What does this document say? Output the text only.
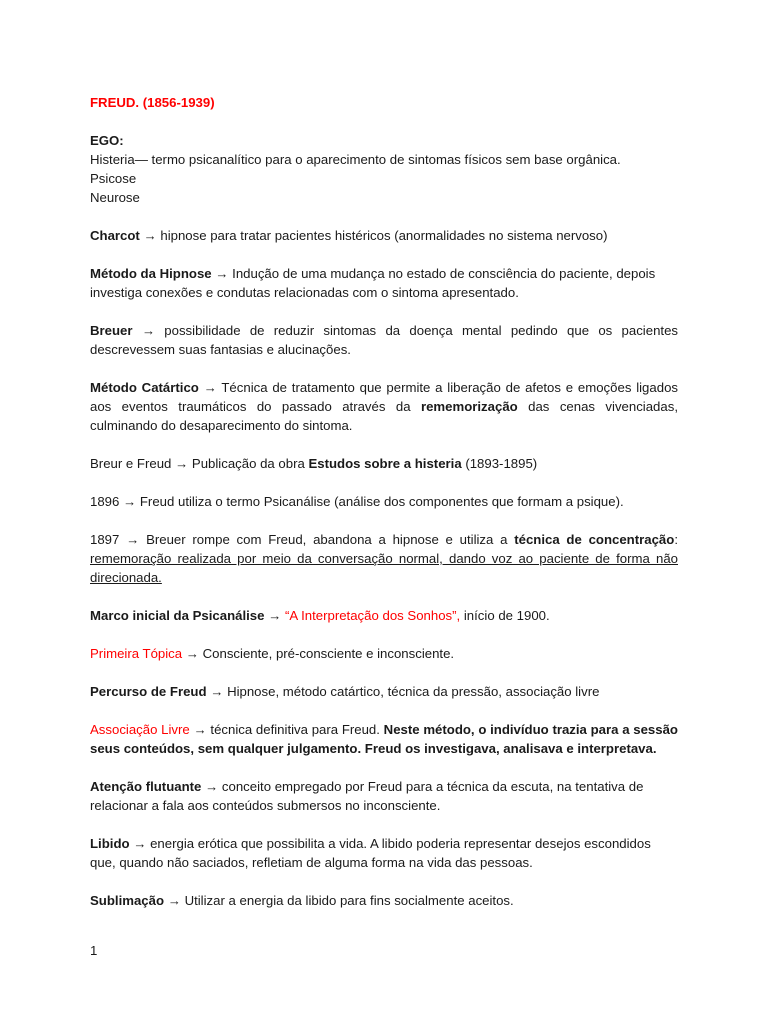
FREUD. (1856-1939)

EGO:

Histeria— termo psicanalítico para o aparecimento de sintomas físicos sem base orgânica.

Psicose

Neurose

Charcot → hipnose para tratar pacientes histéricos (anormalidades no sistema nervoso)

Método da Hipnose → Indução de uma mudança no estado de consciência do paciente, depois investiga conexões e condutas relacionadas com o sintoma apresentado.

Breuer → possibilidade de reduzir sintomas da doença mental pedindo que os pacientes descrevessem suas fantasias e alucinações.

Método Catártico → Técnica de tratamento que permite a liberação de afetos e emoções ligados aos eventos traumáticos do passado através da rememorização das cenas vivenciadas, culminando do desaparecimento do sintoma.

Breur e Freud → Publicação da obra Estudos sobre a histeria (1893-1895)

1896 → Freud utiliza o termo Psicanálise (análise dos componentes que formam a psique).

1897 → Breuer rompe com Freud, abandona a hipnose e utiliza a técnica de concentração: rememoração realizada por meio da conversação normal, dando voz ao paciente de forma não direcionada.

Marco inicial da Psicanálise → “A Interpretação dos Sonhos”, início de 1900.

Primeira Tópica → Consciente, pré-consciente e inconsciente.

Percurso de Freud → Hipnose, método catártico, técnica da pressão, associação livre

Associação Livre → técnica definitiva para Freud. Neste método, o indivíduo trazia para a sessão seus conteúdos, sem qualquer julgamento. Freud os investigava, analisava e interpretava.

Atenção flutuante → conceito empregado por Freud para a técnica da escuta, na tentativa de relacionar a fala aos conteúdos submersos no inconsciente.

Libido → energia erótica que possibilita a vida. A libido poderia representar desejos escondidos que, quando não saciados, refletiam de alguma forma na vida das pessoas.

Sublimação → Utilizar a energia da libido para fins socialmente aceitos.

1
